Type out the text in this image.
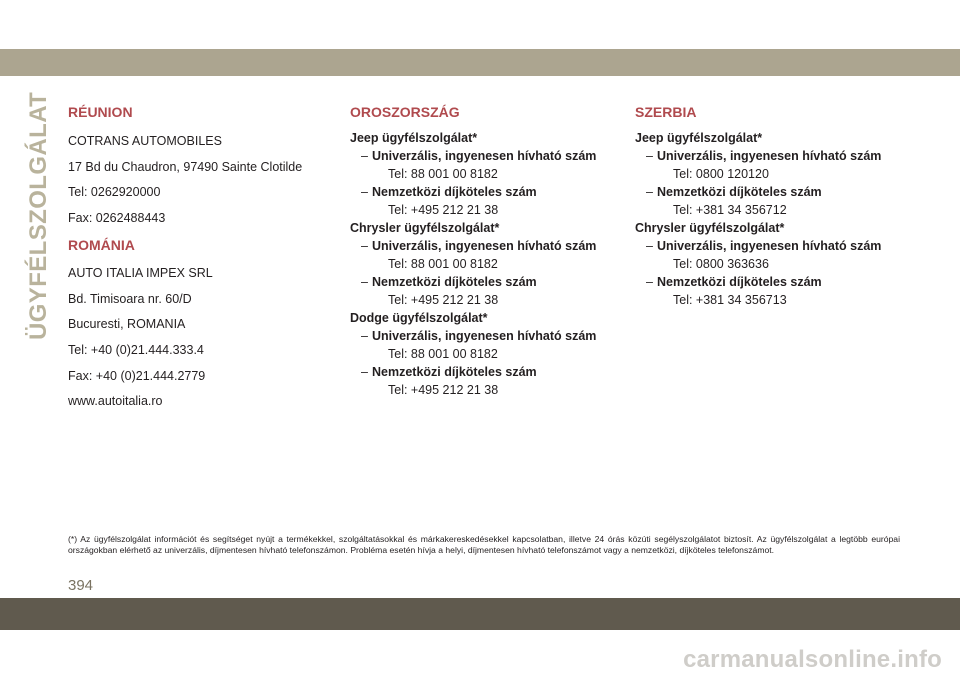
ÜGYFÉLSZOLGÁLAT RÉUNION
COTRANS AUTOMOBILES
17 Bd du Chaudron, 97490 Sainte Clotilde
Tel: 0262920000
Fax: 0262488443
ROMÁNIA
AUTO ITALIA IMPEX SRL
Bd. Timisoara nr. 60/D
Bucuresti, ROMANIA
Tel: +40 (0)21.444.333.4
Fax: +40 (0)21.444.2779
www.autoitalia.ro
OROSZORSZÁG
Jeep ügyfélszolgálat*
– Univerzális, ingyenesen hívható szám
Tel: 88 001 00 8182
– Nemzetközi díjköteles szám
Tel: +495 212 21 38
Chrysler ügyfélszolgálat*
– Univerzális, ingyenesen hívható szám
Tel: 88 001 00 8182
– Nemzetközi díjköteles szám
Tel: +495 212 21 38
Dodge ügyfélszolgálat*
– Univerzális, ingyenesen hívható szám
Tel: 88 001 00 8182
– Nemzetközi díjköteles szám
Tel: +495 212 21 38
SZERBIA
Jeep ügyfélszolgálat*
– Univerzális, ingyenesen hívható szám
Tel: 0800 120120
– Nemzetközi díjköteles szám
Tel: +381 34 356712
Chrysler ügyfélszolgálat*
– Univerzális, ingyenesen hívható szám
Tel: 0800 363636
– Nemzetközi díjköteles szám
Tel: +381 34 356713
(*) Az ügyfélszolgálat információt és segítséget nyújt a termékekkel, szolgáltatásokkal és márkakereskedésekkel kapcsolatban, illetve 24 órás közúti segélyszolgálatot biztosít. Az ügyfélszolgálat a legtöbb európai országokban elérhető az univerzális, díjmentesen hívható telefonszámon. Probléma esetén hívja a helyi, díjmentesen hívható telefonszámot vagy a nemzetközi, díjköteles telefonszámot.
394
carmanualsonline.info
